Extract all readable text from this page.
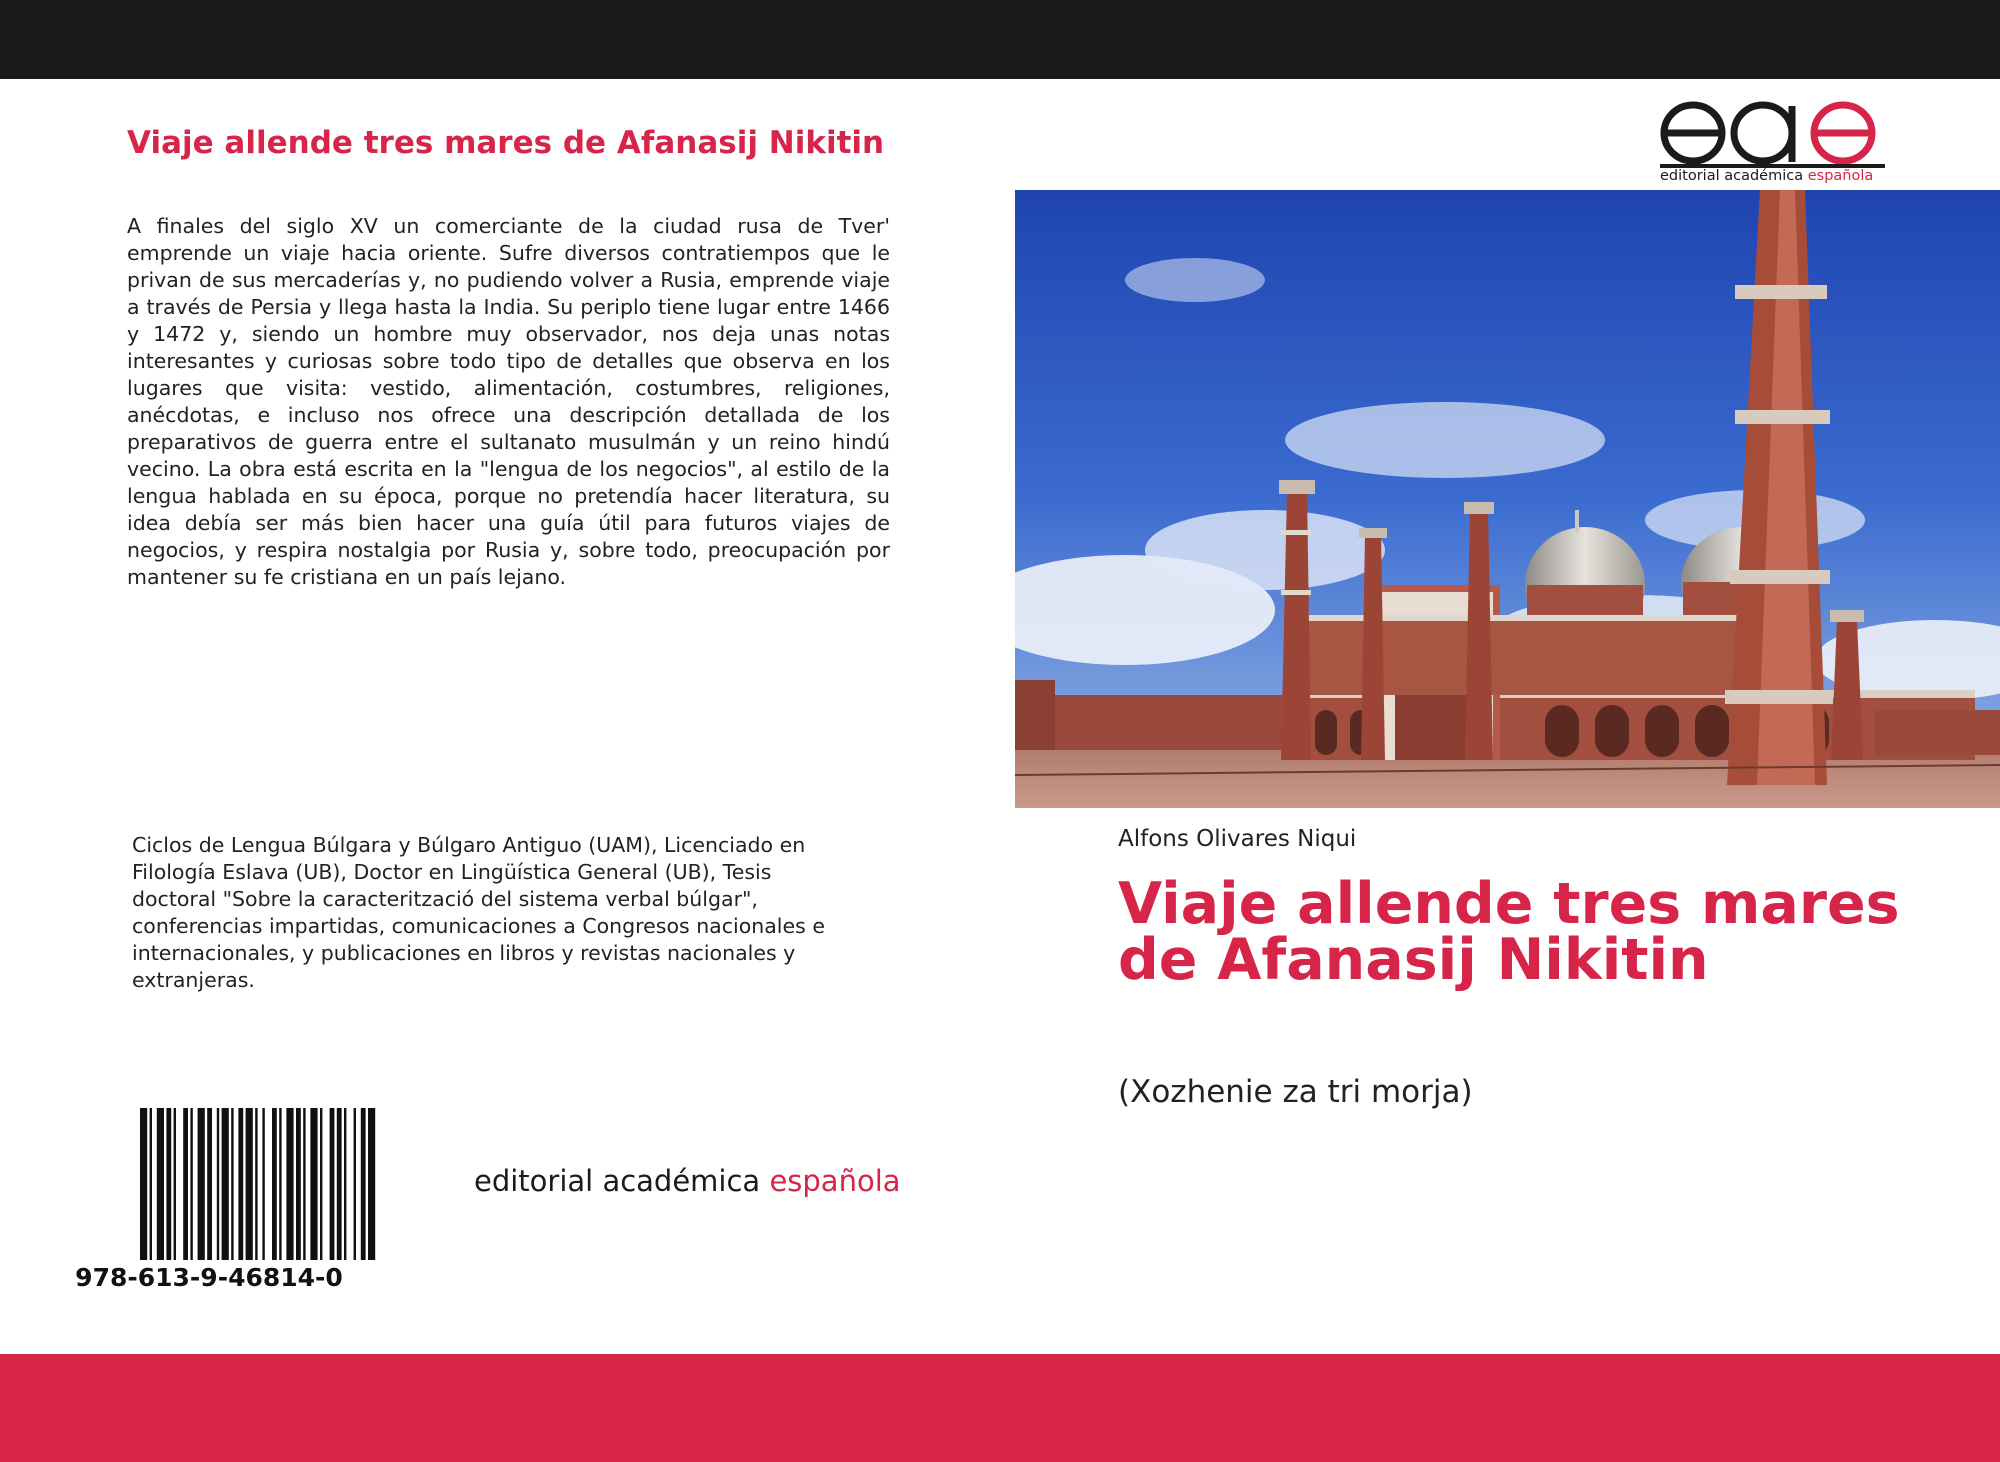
Viaje allende tres mares de Afanasij Nikitin

A finales del siglo XV un comerciante de la ciudad rusa de Tver' emprende un viaje hacia oriente. Sufre diversos contratiempos que le privan de sus mercaderías y, no pudiendo volver a Rusia, emprende viaje a través de Persia y llega hasta la India. Su periplo tiene lugar entre 1466 y 1472 y, siendo un hombre muy observador, nos deja unas notas interesantes y curiosas sobre todo tipo de detalles que observa en los lugares que visita: vestido, alimentación, costumbres, religiones, anécdotas, e incluso nos ofrece una descripción detallada de los preparativos de guerra entre el sultanato musulmán y un reino hindú vecino. La obra está escrita en la "lengua de los negocios", al estilo de la lengua hablada en su época, porque no pretendía hacer literatura, su idea debía ser más bien hacer una guía útil para futuros viajes de negocios, y respira nostalgia por Rusia y, sobre todo, preocupación por mantener su fe cristiana en un país lejano.

Ciclos de Lengua Búlgara y Búlgaro Antiguo (UAM), Licenciado en Filología Eslava (UB), Doctor en Lingüística General (UB), Tesis doctoral "Sobre la caracterització del sistema verbal búlgar", conferencias impartidas, comunicaciones a Congresos nacionales e internacionales, y publicaciones en libros y revistas nacionales y extranjeras.

978-613-9-46814-0
editorial académica española
editorial académica española
Alfons Olivares Niqui
Viaje allende tres mares de Afanasij Nikitin
(Xozhenie za tri morja)
